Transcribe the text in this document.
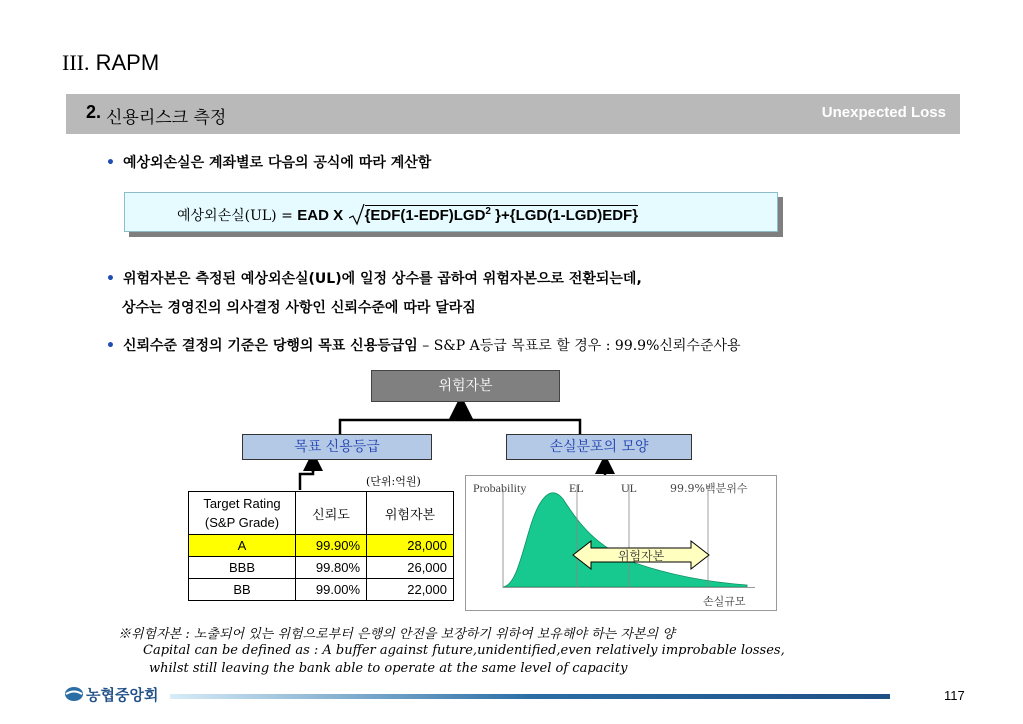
III. RAPM
2. 신용리스크 측정	Unexpected Loss
• 예상외손실은 계좌별로 다음의 공식에 따라 계산함
예상외손실(UL) = EAD X {EDF(1-EDF)LGD$^2$ }+{LGD(1-LGD)EDF}
• 위험자본은 측정된 예상외손실(UL)에 일정 상수를 곱하여 위험자본으로 전환되는데,
상수는 경영진의 의사결정 사항인 신뢰수준에 따라 달라짐
• 신뢰수준 결정의 기준은 당행의 목표 신용등급임 – S&P A등급 목표로 할 경우 : 99.9%신뢰수준사용
위험자본
목표 신용등급	손실분포의 모양
(단위:억원)
Target Rating
(S&P Grade)	신뢰도	위험자본
A	99.90%	28,000
BBB	99.80%	26,000
BB	99.00%	22,000
Probability	EL	UL	99.9%백분위수
위험자본
손실규모
※위험자본 : 노출되어 있는 위험으로부터 은행의 안전을 보장하기 위하여 보유해야 하는 자본의 양
Capital can be defined as : A buffer against future,unidentified,even relatively improbable losses,
whilst still leaving the bank able to operate at the same level of capacity
농협중앙회	117
